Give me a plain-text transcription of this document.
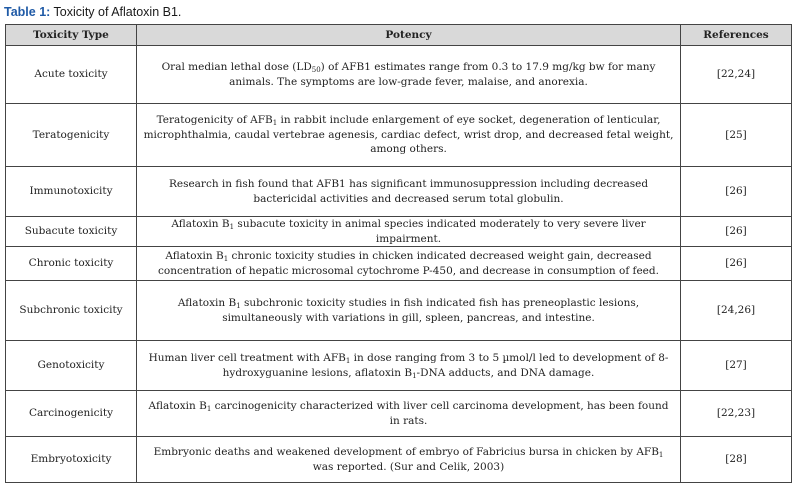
Table 1: Toxicity of Aflatoxin B1.
Toxicity Type	Potency	References
Acute toxicity	Oral median lethal dose $(LD_{50})$ of AFB1 estimates range from 0.3 to 17.9 mg/kg bw for many animals. The symptoms are low-grade fever, malaise, and anorexia.	[22,24]
Teratogenicity	Teratogenicity of $AFB_1$ in rabbit include enlargement of eye socket, degeneration of lenticular, microphthalmia, caudal vertebrae agenesis, cardiac defect, wrist drop, and decreased fetal weight, among others.	[25]
Immunotoxicity	Research in fish found that AFB1 has significant immunosuppression including decreased bactericidal activities and decreased serum total globulin.	[26]
Subacute toxicity	Aflatoxin $B_1$ subacute toxicity in animal species indicated moderately to very severe liver impairment.	[26]
Chronic toxicity	Aflatoxin $B_1$ chronic toxicity studies in chicken indicated decreased weight gain, decreased concentration of hepatic microsomal cytochrome P-450, and decrease in consumption of feed.	[26]
Subchronic toxicity	Aflatoxin $B_1$ subchronic toxicity studies in fish indicated fish has preneoplastic lesions, simultaneously with variations in gill, spleen, pancreas, and intestine.	[24,26]
Genotoxicity	Human liver cell treatment with $AFB_1$ in dose ranging from 3 to 5 µmol/l led to development of 8-hydroxyguanine lesions, aflatoxin $B_1$-DNA adducts, and DNA damage.	[27]
Carcinogenicity	Aflatoxin $B_1$ carcinogenicity characterized with liver cell carcinoma development, has been found in rats.	[22,23]
Embryotoxicity	Embryonic deaths and weakened development of embryo of Fabricius bursa in chicken by $AFB_1$ was reported. (Sur and Celik, 2003)	[28]
